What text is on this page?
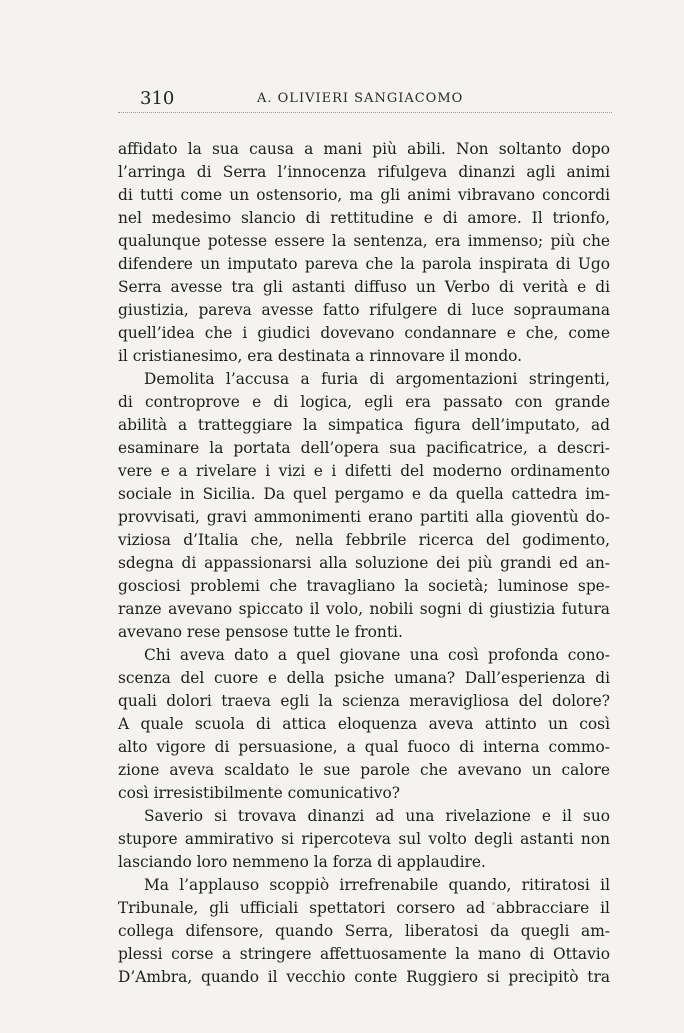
310	A. OLIVIERI SANGIACOMO
affidato la sua causa a mani più abili. Non soltanto dopo
l’arringa di Serra l’innocenza rifulgeva dinanzi agli animi
di tutti come un ostensorio, ma gli animi vibravano concordi
nel medesimo slancio di rettitudine e di amore. Il trionfo,
qualunque potesse essere la sentenza, era immenso; più che
difendere un imputato pareva che la parola inspirata di Ugo
Serra avesse tra gli astanti diffuso un Verbo di verità e di
giustizia, pareva avesse fatto rifulgere di luce sopraumana
quell’idea che i giudici dovevano condannare e che, come
il cristianesimo, era destinata a rinnovare il mondo.
Demolita l’accusa a furia di argomentazioni stringenti,
di controprove e di logica, egli era passato con grande
abilità a tratteggiare la simpatica figura dell’imputato, ad
esaminare la portata dell’opera sua pacificatrice, a descri-
vere e a rivelare i vizi e i difetti del moderno ordinamento
sociale in Sicilia. Da quel pergamo e da quella cattedra im-
provvisati, gravi ammonimenti erano partiti alla gioventù do-
viziosa d’Italia che, nella febbrile ricerca del godimento,
sdegna di appassionarsi alla soluzione dei più grandi ed an-
gosciosi problemi che travagliano la società; luminose spe-
ranze avevano spiccato il volo, nobili sogni di giustizia futura
avevano rese pensose tutte le fronti.
Chi aveva dato a quel giovane una così profonda cono-
scenza del cuore e della psiche umana? Dall’esperienza di
quali dolori traeva egli la scienza meravigliosa del dolore?
A quale scuola di attica eloquenza aveva attinto un così
alto vigore di persuasione, a qual fuoco di interna commo-
zione aveva scaldato le sue parole che avevano un calore
così irresistibilmente comunicativo?
Saverio si trovava dinanzi ad una rivelazione e il suo
stupore ammirativo si ripercoteva sul volto degli astanti non
lasciando loro nemmeno la forza di applaudire.
Ma l’applauso scoppiò irrefrenabile quando, ritiratosi il
Tribunale, gli ufficiali spettatori corsero ad abbracciare il
collega difensore, quando Serra, liberatosi da quegli am-
plessi corse a stringere affettuosamente la mano di Ottavio
D’Ambra, quando il vecchio conte Ruggiero si precipitò tra
